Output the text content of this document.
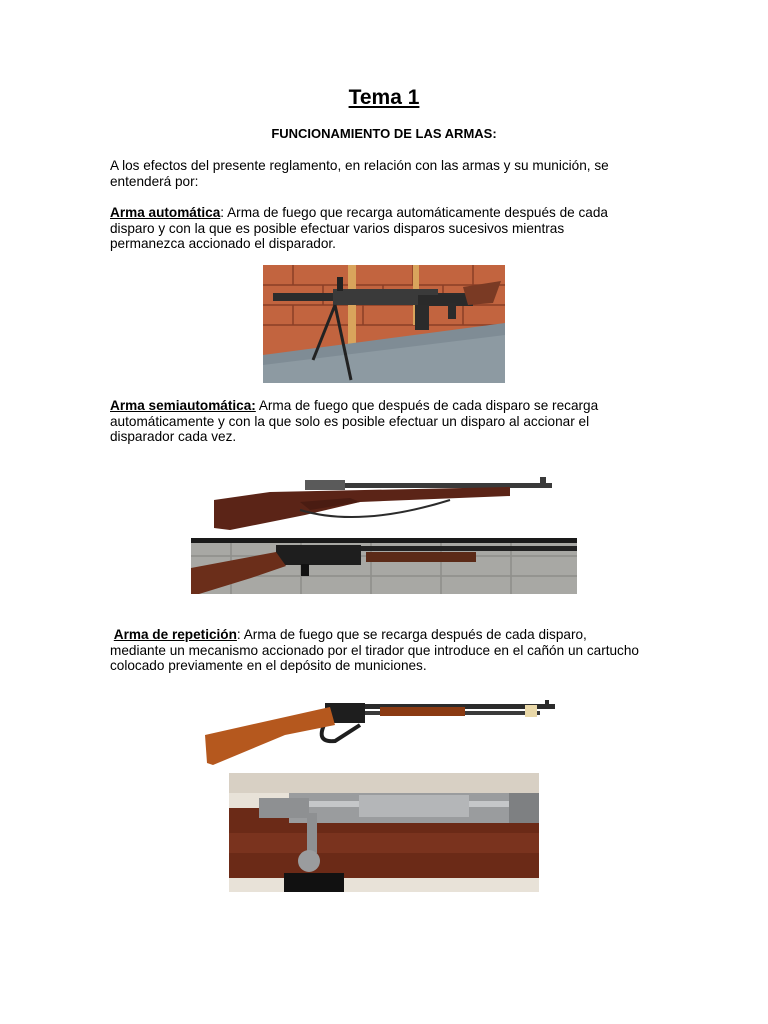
Tema 1
FUNCIONAMIENTO DE LAS ARMAS:
A los efectos del presente reglamento, en relación con las armas y su munición, se entenderá por:
Arma automática: Arma de fuego que recarga automáticamente después de cada disparo y con la que es posible efectuar varios disparos sucesivos mientras permanezca accionado el disparador.
Arma semiautomática: Arma de fuego que después de cada disparo se recarga automáticamente y con la que solo es posible efectuar un disparo al accionar el disparador cada vez.
Arma de repetición: Arma de fuego que se recarga después de cada disparo, mediante un mecanismo accionado por el tirador que introduce en el cañón un cartucho colocado previamente en el depósito de municiones.
